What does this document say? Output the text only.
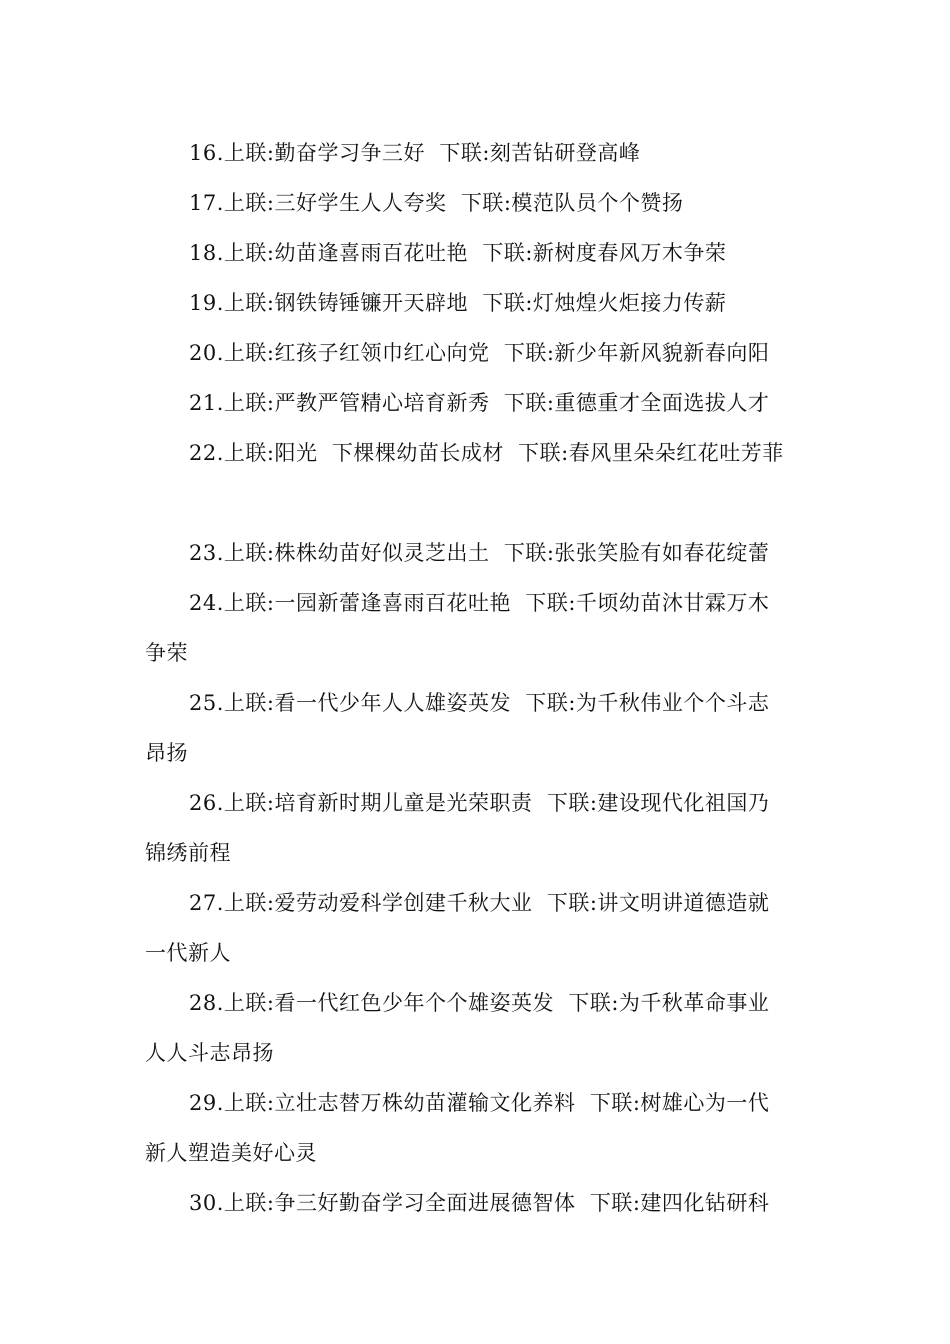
16.上联:勤奋学习争三好  下联:刻苦钻研登高峰
17.上联:三好学生人人夸奖  下联:模范队员个个赞扬
18.上联:幼苗逢喜雨百花吐艳  下联:新树度春风万木争荣
19.上联:钢铁铸锤镰开天辟地  下联:灯烛煌火炬接力传薪
20.上联:红孩子红领巾红心向党  下联:新少年新风貌新春向阳
21.上联:严教严管精心培育新秀  下联:重德重才全面选拔人才
22.上联:阳光  下棵棵幼苗长成材  下联:春风里朵朵红花吐芳菲
23.上联:株株幼苗好似灵芝出土  下联:张张笑脸有如春花绽蕾
24.上联:一园新蕾逢喜雨百花吐艳  下联:千顷幼苗沐甘霖万木
争荣
25.上联:看一代少年人人雄姿英发  下联:为千秋伟业个个斗志
昂扬
26.上联:培育新时期儿童是光荣职责  下联:建设现代化祖国乃
锦绣前程
27.上联:爱劳动爱科学创建千秋大业  下联:讲文明讲道德造就
一代新人
28.上联:看一代红色少年个个雄姿英发  下联:为千秋革命事业
人人斗志昂扬
29.上联:立壮志替万株幼苗灌输文化养料  下联:树雄心为一代
新人塑造美好心灵
30.上联:争三好勤奋学习全面进展德智体  下联:建四化钻研科
